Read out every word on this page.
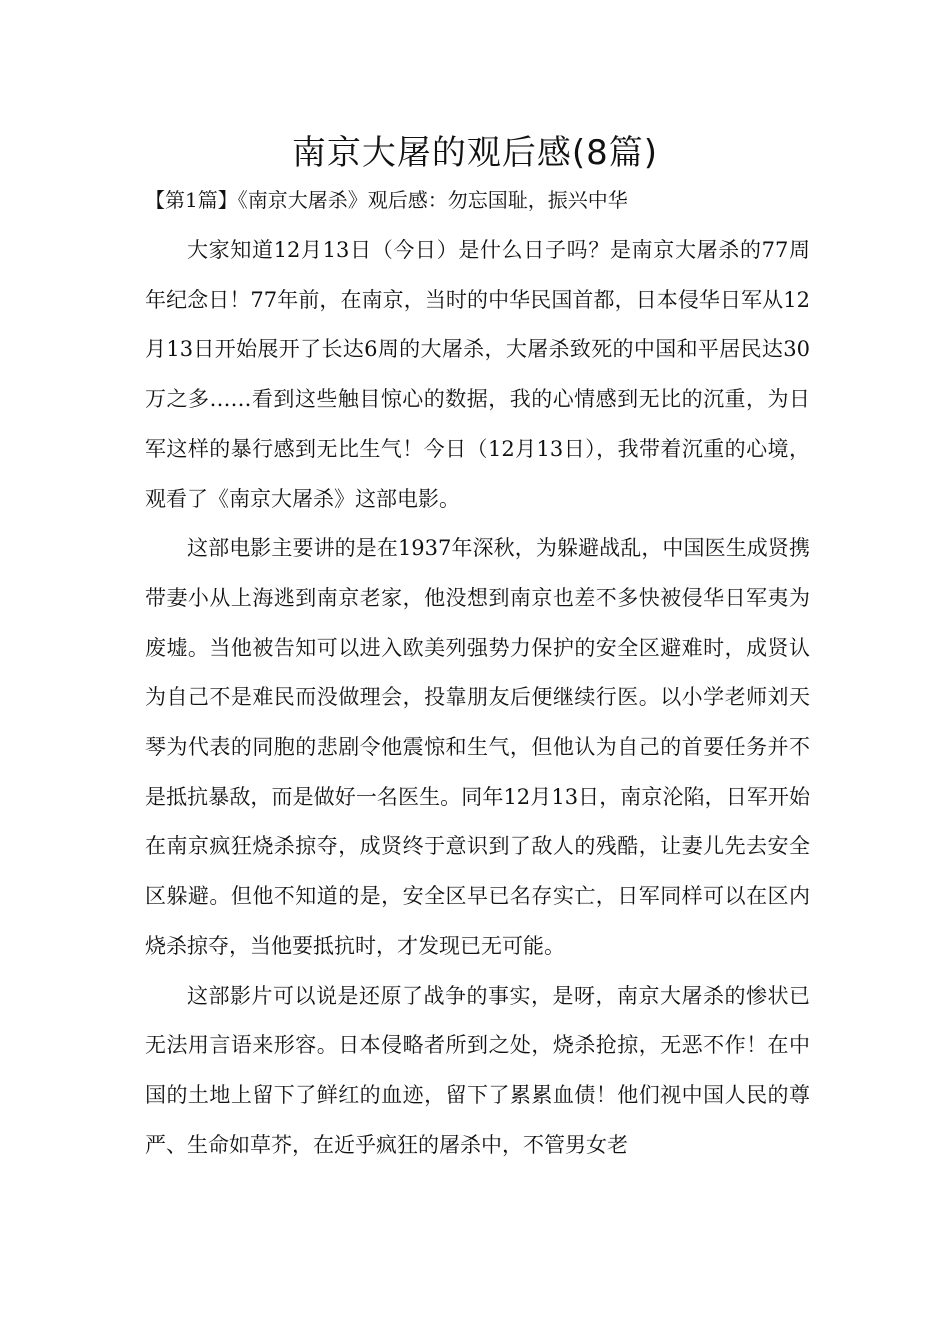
南京大屠的观后感(8篇)

【第1篇】《南京大屠杀》观后感：勿忘国耻，振兴中华

大家知道12月13日（今日）是什么日子吗？是南京大屠杀的77周年纪念日！77年前，在南京，当时的中华民国首都，日本侵华日军从12月13日开始展开了长达6周的大屠杀，大屠杀致死的中国和平居民达30万之多……看到这些触目惊心的数据，我的心情感到无比的沉重，为日军这样的暴行感到无比生气！今日（12月13日），我带着沉重的心境，观看了《南京大屠杀》这部电影。

这部电影主要讲的是在1937年深秋，为躲避战乱，中国医生成贤携带妻小从上海逃到南京老家，他没想到南京也差不多快被侵华日军夷为废墟。当他被告知可以进入欧美列强势力保护的安全区避难时，成贤认为自己不是难民而没做理会，投靠朋友后便继续行医。以小学老师刘天琴为代表的同胞的悲剧令他震惊和生气，但他认为自己的首要任务并不是抵抗暴敌，而是做好一名医生。同年12月13日，南京沦陷，日军开始在南京疯狂烧杀掠夺，成贤终于意识到了敌人的残酷，让妻儿先去安全区躲避。但他不知道的是，安全区早已名存实亡，日军同样可以在区内烧杀掠夺，当他要抵抗时，才发现已无可能。

这部影片可以说是还原了战争的事实，是呀，南京大屠杀的惨状已无法用言语来形容。日本侵略者所到之处，烧杀抢掠，无恶不作！在中国的土地上留下了鲜红的血迹，留下了累累血债！他们视中国人民的尊严、生命如草芥，在近乎疯狂的屠杀中，不管男女老
